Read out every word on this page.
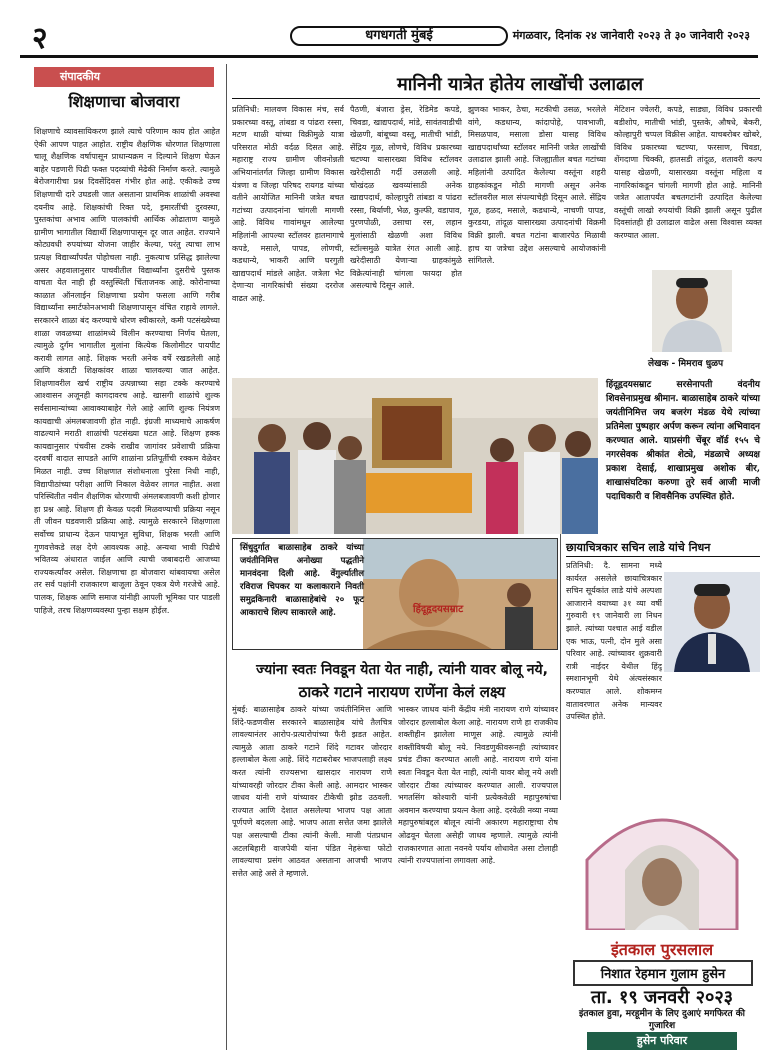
२	धगधगती मुंबई	मंगळवार, दिनांक २४ जानेवारी २०२३ ते ३० जानेवारी २०२३
संपादकीय
शिक्षणाचा बोजवारा
शिक्षणाचे व्यावसायिकरण झाले त्याचे परिणाम काय होत आहेत ऐकी आपण पाहत आहोत. राष्ट्रीय शैक्षणिक धोरणात शिक्षणाला चालू शैक्षणिक वर्षापासून प्राधान्यक्रम न दिल्याने शिक्षण घेऊन बाहेर पडणारी पिढी फक्त पदव्यांची मेढेकी निर्माण करते. त्यामुळे बेरोजगारीचा प्रश्न दिवसेंदिवस गंभीर होत आहे. एकीकडे उच्च शिक्षणाची दारे उघडली जात असताना प्राथमिक शाळांची अवस्था दयनीय आहे. शिक्षकांची रिक्त पदे, इमारतींची दुरवस्था, पुस्तकांचा अभाव आणि पालकांची आर्थिक ओढाताण यामुळे ग्रामीण भागातील विद्यार्थी शिक्षणापासून दूर जात आहेत. राज्याने कोट्यवधी रुपयांच्या योजना जाहीर केल्या, परंतु त्याचा लाभ प्रत्यक्ष विद्यार्थ्यांपर्यंत पोहोचला नाही. नुकत्याच प्रसिद्ध झालेल्या असर अहवालानुसार पाचवीतील विद्यार्थ्यांना दुसरीचे पुस्तक वाचता येत नाही ही वस्तुस्थिती चिंताजनक आहे. कोरोनाच्या काळात ऑनलाईन शिक्षणाचा प्रयोग फसला आणि गरीब विद्यार्थ्यांना स्मार्टफोनअभावी शिक्षणापासून वंचित राहावे लागले. सरकारने शाळा बंद करण्याचे धोरण स्वीकारले, कमी पटसंख्येच्या शाळा जवळच्या शाळांमध्ये विलीन करण्याचा निर्णय घेतला, त्यामुळे दुर्गम भागातील मुलांना कित्येक किलोमीटर पायपीट करावी लागत आहे. शिक्षक भरती अनेक वर्षे रखडलेली आहे आणि कंत्राटी शिक्षकांवर शाळा चालवल्या जात आहेत. शिक्षणावरील खर्च राष्ट्रीय उत्पन्नाच्या सहा टक्के करण्याचे आश्वासन अजूनही कागदावरच आहे. खासगी शाळांचे शुल्क सर्वसामान्यांच्या आवाक्याबाहेर गेले आहे आणि शुल्क नियंत्रण कायद्याची अंमलबजावणी होत नाही. इंग्रजी माध्यमाचे आकर्षण वाढल्याने मराठी शाळांची पटसंख्या घटत आहे. शिक्षण हक्क कायद्यानुसार पंचवीस टक्के राखीव जागांवर प्रवेशाची प्रक्रिया दरवर्षी वादात सापडते आणि शाळांना प्रतिपूर्तीची रक्कम वेळेवर मिळत नाही. उच्च शिक्षणात संशोधनाला पुरेसा निधी नाही, विद्यापीठांच्या परीक्षा आणि निकाल वेळेवर लागत नाहीत. अशा परिस्थितीत नवीन शैक्षणिक धोरणाची अंमलबजावणी कशी होणार हा प्रश्न आहे. शिक्षण ही केवळ पदवी मिळवण्याची प्रक्रिया नसून ती जीवन घडवणारी प्रक्रिया आहे. त्यामुळे सरकारने शिक्षणाला सर्वोच्च प्राधान्य देऊन पायाभूत सुविधा, शिक्षक भरती आणि गुणवत्तेकडे लक्ष देणे आवश्यक आहे. अन्यथा भावी पिढीचे भवितव्य अंधारात जाईल आणि त्याची जबाबदारी आजच्या राज्यकर्त्यांवर असेल. शिक्षणाचा हा बोजवारा थांबवायचा असेल तर सर्व पक्षांनी राजकारण बाजूला ठेवून एकत्र येणे गरजेचे आहे. पालक, शिक्षक आणि समाज यांनीही आपली भूमिका पार पाडली पाहिजे, तरच शिक्षणव्यवस्था पुन्हा सक्षम होईल.
मानिनी यात्रेत होतेय लाखोंची उलाढाल
प्रतिनिधी: मालवण विकास मंच, सर्व प्रकारच्या वस्तू, तांबडा व पांढरा रस्सा, मटण थाळी यांच्या विक्रीमुळे यात्रा परिसरात मोठी वर्दळ दिसत आहे. महाराष्ट्र राज्य ग्रामीण जीवनोन्नती अभियानांतर्गत जिल्हा ग्रामीण विकास यंत्रणा व जिल्हा परिषद रायगड यांच्या वतीने आयोजित मानिनी जत्रेत बचत गटांच्या उत्पादनांना चांगली मागणी आहे. विविध गावांमधून आलेल्या महिलांनी आपल्या स्टॉलवर हातमागाचे कपडे, मसाले, पापड, लोणची, कडधान्ये, भाकरी आणि घरगुती खाद्यपदार्थ मांडले आहेत. जत्रेला भेट देणाऱ्या नागरिकांची संख्या दररोज वाढत आहे.
पैठणी, बंजारा ड्रेस, रेडिमेड कपडे, चिवडा, खाद्यपदार्थ, मांडे, सावंतवाडीची खेळणी, बांबूच्या वस्तू, मातीची भांडी, सेंद्रिय गूळ, लोणचे, विविध प्रकारच्या चटण्या यासारख्या विविध स्टॉलवर खरेदीसाठी गर्दी उसळली आहे. चोखंदळ खवय्यांसाठी अनेक खाद्यपदार्थ, कोल्हापुरी तांबडा व पांढरा रस्सा, बिर्याणी, भेळ, कुल्फी, वडापाव, पुरणपोळी, उसाचा रस, लहान मुलांसाठी खेळणी अशा विविध स्टॉल्समुळे यात्रेत रंगत आली आहे. खरेदीसाठी येणाऱ्या ग्राहकांमुळे विक्रेत्यांनाही चांगला फायदा होत असल्याचे दिसून आले.
झुणका भाकर, ठेचा, मटकीची उसळ, भरलेले वांगे, कडधान्य, कांदापोहे, पावभाजी, मिसळपाव, मसाला डोसा यासह विविध खाद्यपदार्थांच्या स्टॉलवर मानिनी जत्रेत लाखोंची उलाढाल झाली आहे. जिल्ह्यातील बचत गटांच्या महिलांनी उत्पादित केलेल्या वस्तूंना शहरी ग्राहकांकडून मोठी मागणी असून अनेक स्टॉलवरील माल संपल्याचेही दिसून आले. सेंद्रिय गूळ, हळद, मसाले, कडधान्ये, नाचणी पापड, कुरडया, तांदूळ यासारख्या उत्पादनांची विक्रमी विक्री झाली. बचत गटांना बाजारपेठ मिळावी हाच या जत्रेचा उद्देश असल्याचे आयोजकांनी सांगितले.
मेटिशन ज्वेलरी, कपडे, साड्या, विविध प्रकारची बडीशोप, मातीची भांडी, पुस्तके, औषधे, बेकरी, कोल्हापुरी चप्पल विक्रीस आहेत. याचबरोबर खोबरे, विविध प्रकारच्या चटण्या, फरसाण, चिवडा, शेंगदाणा चिक्की, हातसडी तांदूळ, शतावरी कल्प यासह खेळणी, यासारख्या वस्तूंना महिला व नागरिकांकडून चांगली मागणी होत आहे. मानिनी जत्रेत आतापर्यंत बचतगटांनी उत्पादित केलेल्या वस्तूंची लाखो रुपयांची विक्री झाली असून पुढील दिवसांतही ही उलाढाल वाढेल असा विश्वास व्यक्त करण्यात आला.
लेखक - मिमराव धुळप
हिंदूहृदयसम्राट सरसेनापती वंदनीय शिवसेनाप्रमुख श्रीमान. बाळासाहेब ठाकरे यांच्या जयंतीनिमित्त जय बजरंग मंडळ येथे त्यांच्या प्रतिमेला पुष्पहार अर्पण करून त्यांना अभिवादन करण्यात आले. याप्रसंगी चेंबूर वॉर्ड १५५ चे नगरसेवक श्रीकांत शेट्ये, मंडळाचे अध्यक्ष प्रकाश देसाई, शाखाप्रमुख अशोक बीर, शाखासंघटिका करुणा तुरे सर्व आजी माजी पदाधिकारी व शिवसैनिक उपस्थित होते.
हिंदूहृदयसम्राट
सिंधुदुर्गात बाळासाहेब ठाकरे यांच्या जयंतीनिमित्त अनोख्या पद्धतीने मानवंदना दिली आहे. वेंगुर्ल्यातील रविराज चिपकर या कलाकाराने निवती समुद्रकिनारी बाळासाहेबांचे २० फूट आकाराचे शिल्प साकारले आहे.
छायाचित्रकार सचिन लाडे यांचे निधन
प्रतिनिधी: दै. सामना मध्ये कार्यरत असलेले छायाचित्रकार सचिन सूर्यकांत लाडे यांचे अल्पशा आजाराने वयाच्या ३१ व्या वर्षी गुरुवारी १९ जानेवारी ला निधन झाले. त्यांच्या पश्चात आई वडील एक भाऊ, पत्नी, दोन मुले असा परिवार आहे. त्यांच्यावर शुक्रवारी रात्री नाईदर येथील हिंदू स्मशानभूमी येथे अंत्यसंस्कार करण्यात आले. शोकमग्न वातावरणात अनेक मान्यवर उपस्थित होते.
ज्यांना स्वतः निवडून येता येत नाही, त्यांनी यावर बोलू नये,
ठाकरे गटाने नारायण राणेंना केलं लक्ष्य
मुंबई: बाळासाहेब ठाकरे यांच्या जयंतीनिमित्त आणि शिंदे-फडणवीस सरकारने बाळासाहेब यांचे तैलचित्र लावल्यानंतर आरोप-प्रत्यारोपांच्या फैरी झडत आहेत. त्यामुळे आता ठाकरे गटाने शिंदे गटावर जोरदार हल्लाबोल केला आहे. शिंदे गटाबरोबर भाजपलाही लक्ष्य करत त्यांनी राज्यसभा खासदार नारायण राणे यांच्यावरही जोरदार टीका केली आहे. आमदार भास्कर जाधव यांनी राणे यांच्यावर टीकेची झोड उठवली. राज्यात आणि देशात असलेल्या भाजप पक्ष आता पूर्णपणे बदलला आहे. भाजप आता सत्तेत जमा झालेले पक्ष असल्याची टीका त्यांनी केली. माजी पंतप्रधान अटलबिहारी वाजपेयी यांना पंडित नेहरूंचा फोटो लावल्याचा प्रसंग आठवत असताना आजची भाजप सत्तेत आहे असे ते म्हणाले.
भास्कर जाधव यांनी केंद्रीय मंत्री नारायण राणे यांच्यावर जोरदार हल्लाबोल केला आहे. नारायण राणे हा राजकीय शक्तीहीन झालेला माणूस आहे. त्यामुळे त्यांनी शक्तीविषयी बोलू नये. निवडणुकीवरूनही त्यांच्यावर प्रचंड टीका करण्यात आली आहे. नारायण राणे यांना स्वतः निवडून येता येत नाही, त्यांनी यावर बोलू नये अशी जोरदार टीका त्यांच्यावर करण्यात आली. राज्यपाल भगतसिंग कोश्यारी यांनी प्रत्येकवेळी महापुरुषांचा अवमान करण्याचा प्रयत्न केला आहे. दरवेळी नव्या नव्या महापुरुषांबद्दल बोलून त्यांनी अकारण महाराष्ट्राचा रोष ओढवून घेतला असेही जाधव म्हणाले. त्यामुळे त्यांनी राजकारणात आता नवनवे पर्याय शोधावेत असा टोलाही त्यांनी राज्यपालांना लगावला आहे.
इंतकाल पुरसलाल
निशात रेहमान गुलाम हुसेन
ता. १९ जनवरी २०२३
इंतकाल हुवा, मरहूमीन के लिए दुआएं मगफिरत की गुजारिश
हुसेन परिवार
